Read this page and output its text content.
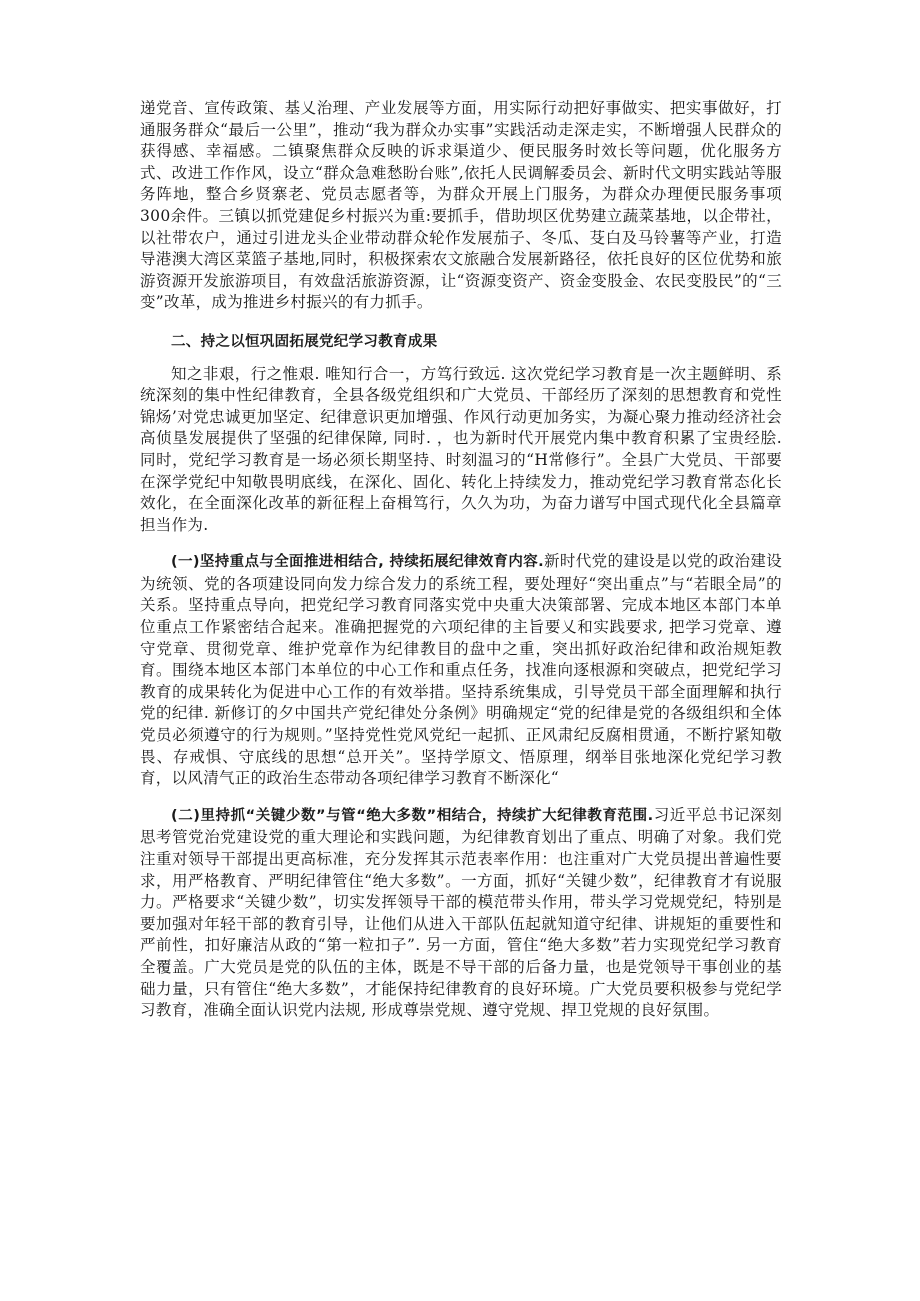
递党音、宣传政策、基乂治理、产业发展等方面，用实际行动把好事做实、把实事做好，打通服务群众“最后一公里”，推动“我为群众办实事”实践活动走深走实，不断增强人民群众的获得感、幸福感。二镇聚焦群众反映的诉求渠道少、便民服务时效长等问题，优化服务方式、改进工作作风，设立“群众急难愁盼台账”,依托人民调解委员会、新时代文明实践站等服务阵地，整合乡贤寨老、党员志愿者等，为群众开展上门服务，为群众办理便民服务事项300余件。三镇以抓党建促乡村振兴为重:要抓手，借助坝区优势建立蔬菜基地，以企带社，以社带农户，通过引进龙头企业带动群众轮作发展茄子、冬瓜、芟白及马铃薯等产业，打造导港澳大湾区菜篮子基地,同时，积极探索农文旅融合发展新路径，依托良好的区位优势和旅游资源开发旅游项目，有效盘活旅游资源，让“资源变资产、资金变股金、农民变股民”的“三变”改革，成为推进乡村振兴的有力抓手。

二、持之以恒巩固拓展党纪学习教育成果

知之非艰，行之惟艰. 唯知行合一，方笃行致远. 这次党纪学习教育是一次主题鲜明、系统深刻的集中性纪律教育，全县各级党组织和广大党员、干部经历了深刻的思想教育和党性锦炀’对党忠诚更加坚定、纪律意识更加增强、作风行动更加务实，为凝心聚力推动经济社会高侦垦发展提供了坚强的纪律保障, 同时. ，也为新时代开展党内集中教育积累了宝贵经脍. 同时，党纪学习教育是一场必须长期坚持、时刻温习的“H常修行”。全县广大党员、干部要在深学党纪中知敬畏明底线，在深化、固化、转化上持续发力，推动党纪学习教育常态化长效化，在全面深化改革的新征程上奋楫笃行，久久为功，为奋力谱写中国式现代化全县篇章担当作为.

(一)坚持重点与全面推进相结合, 持续拓展纪律效育内容.新时代党的建设是以党的政治建设为统领、党的各项建设同向发力综合发力的系统工程，要处理好“突出重点”与“若眼全局”的关系。坚持重点导向，把党纪学习教育同落实党中央重大决策部署、完成本地区本部门本单位重点工作紧密结合起来。准确把握党的六项纪律的主旨要乂和实践要求, 把学习党章、遵守党章、贯彻党章、维护党章作为纪律教目的盘中之重，突出抓好政治纪律和政治规矩教育。围绕本地区本部门本单位的中心工作和重点任务，找准向逐根源和突破点，把党纪学习教育的成果转化为促进中心工作的有效举措。坚持系统集成，引导党员干部全面理解和执行党的纪律. 新修订的夕中国共产党纪律处分条例》明确规定“党的纪律是党的各级组织和全体党员必须遵守的行为规则。”坚持党性党风党纪一起抓、正风肃纪反腐相贯通，不断拧紧知敬畏、存戒惧、守底线的思想“总开关”。坚持学原文、悟原理，纲举目张地深化党纪学习教育，以风清气正的政治生态带动各项纪律学习教育不断深化“

(二)里持抓“关键少数”与管“绝大多数”相结合，持续扩大纪律教育范围.习近平总书记深刻思考管党治党建设党的重大理论和实践问题，为纪律教育划出了重点、明确了对象。我们党注重对领导干部提出更高标准，充分发挥其示范表率作用：也注重对广大党员提出普遍性要求，用严格教育、严明纪律管住“绝大多数”。一方面，抓好“关键少数”，纪律教育才有说服力。严格要求“关键少数”，切实发挥领导干部的模范带头作用，带头学习党规党纪，特别是要加强对年轻干部的教育引导，让他们从进入干部队伍起就知道守纪律、讲规矩的重要性和严前性，扣好廉洁从政的“第一粒扣子”. 另一方面，管住“绝大多数”若力实现党纪学习教育全覆盖。广大党员是党的队伍的主体，既是不导干部的后备力量，也是党领导干事创业的基础力量，只有管住“绝大多数”，才能保持纪律教育的良好环境。广大党员要积极参与党纪学习教育，准确全面认识党内法规, 形成尊崇党规、遵守党规、捍卫党规的良好氛围。
